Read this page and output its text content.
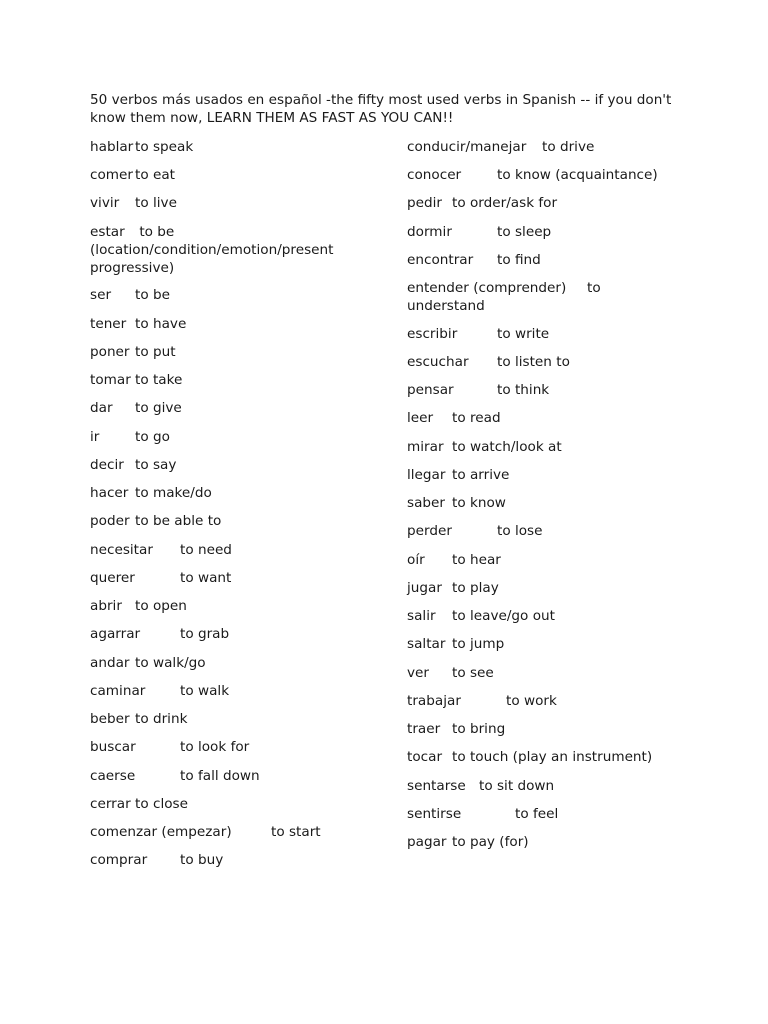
50 verbos más usados en español -the fifty most used verbs in Spanish -- if you don't know them now, LEARN THEM AS FAST AS YOU CAN!!
hablar to speak
comer to eat
vivir to live
estar to be (location/condition/emotion/present progressive)
ser to be
tener to have
poner to put
tomar to take
dar to give
ir	to go
decir to say
hacer to make/do
poder to be able to
necesitar to need
querer	to want
abrir to open
agarrar	to grab
andar to walk/go
caminar	to walk
beber to drink
buscar	to look for
caerse	to fall down
cerrar to close
comenzar (empezar)	to start
comprar to buy
conducir/manejar to drive
conocer	to know (acquaintance)
pedir to order/ask for
dormir	to sleep
encontrar to find
entender (comprender) to understand
escribir	to write
escuchar to listen to
pensar	to think
leer to read
mirar to watch/look at
llegar to arrive
saber to know
perder	to lose
oír to hear
jugar to play
salir to leave/go out
saltar to jump
ver to see
trabajar	to work
traer to bring
tocar to touch (play an instrument)
sentarse to sit down
sentirse	to feel
pagar to pay (for)
